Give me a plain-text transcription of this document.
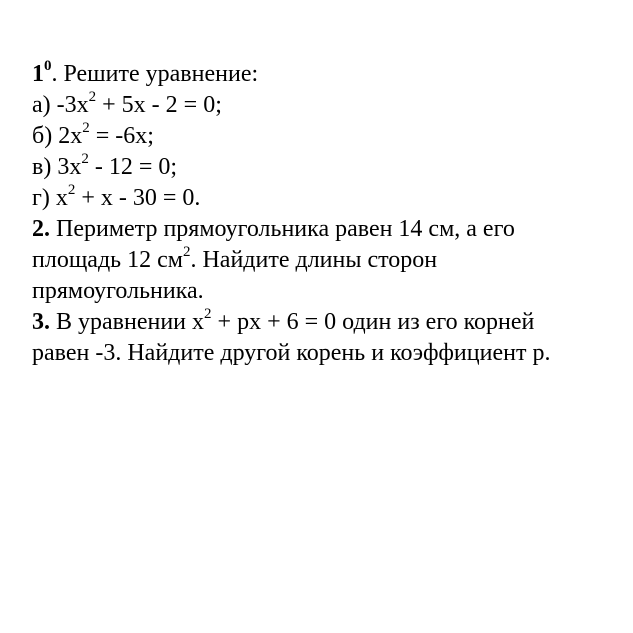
$1^0$. Решите уравнение:
а) $-3x^2 + 5x - 2 = 0$;
б) $2x^2 = -6x$;
в) $3x^2 - 12 = 0$;
г) $x^2 + x - 30 = 0$.
2. Периметр прямоугольника равен 14 см, а его
площадь 12 $см^2$. Найдите длины сторон
прямоугольника.
3. В уравнении $x^2$ + px + 6 = 0 один из его корней
равен -3. Найдите другой корень и коэффициент p.
